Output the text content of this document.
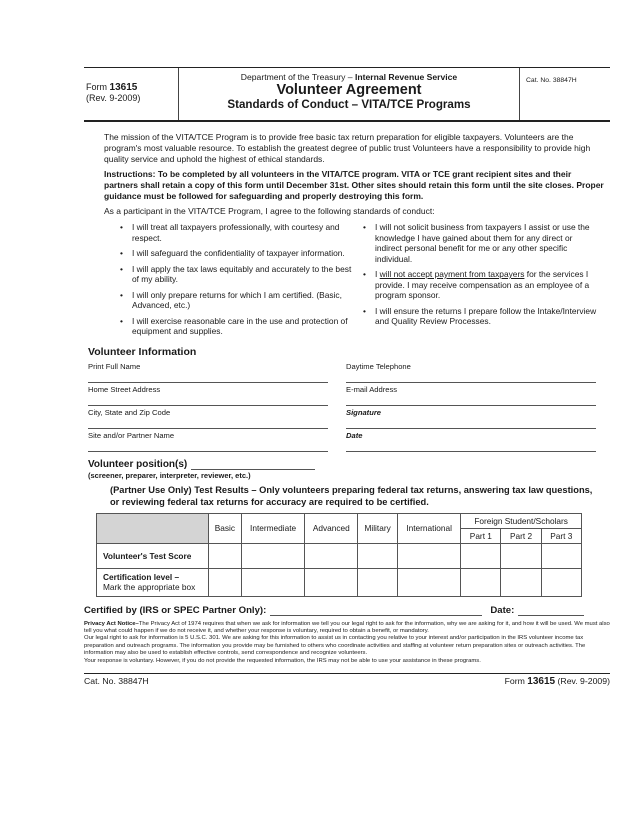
Form 13615
(Rev. 9-2009)
Department of the Treasury – Internal Revenue Service
Volunteer Agreement
Standards of Conduct – VITA/TCE Programs
Cat. No. 38847H
The mission of the VITA/TCE Program is to provide free basic tax return preparation for eligible taxpayers. Volunteers are the program's most valuable resource. To establish the greatest degree of public trust Volunteers have a responsibility to provide high quality service and uphold the highest of ethical standards.
Instructions: To be completed by all volunteers in the VITA/TCE program. VITA or TCE grant recipient sites and their partners shall retain a copy of this form until December 31st. Other sites should retain this form until the site closes. Proper guidance must be followed for safeguarding and properly destroying this form.
As a participant in the VITA/TCE Program, I agree to the following standards of conduct:
•	I will treat all taxpayers professionally, with courtesy and respect.
•	I will safeguard the confidentiality of taxpayer information.
•	I will apply the tax laws equitably and accurately to the best of my ability.
•	I will only prepare returns for which I am certified. (Basic, Advanced, etc.)
•	I will exercise reasonable care in the use and protection of equipment and supplies.
•	I will not solicit business from taxpayers I assist or use the knowledge I have gained about them for any direct or indirect personal benefit for me or any other specific individual.
•	I will not accept payment from taxpayers for the services I provide. I may receive compensation as an employee of a program sponsor.
•	I will ensure the returns I prepare follow the Intake/Interview and Quality Review Processes.
Volunteer Information
Print Full Name	Daytime Telephone
Home Street Address	E-mail Address
City, State and Zip Code	Signature
Site and/or Partner Name	Date
Volunteer position(s)
(screener, preparer, interpreter, reviewer, etc.)
(Partner Use Only) Test Results – Only volunteers preparing federal tax returns, answering tax law questions, or reviewing federal tax returns for accuracy are required to be certified.
	Basic	Intermediate	Advanced	Military	International	Foreign Student/Scholars		
						Part 1	Part 2	Part 3
Volunteer's Test Score								

Certification level –
Mark the appropriate box								

Certified by (IRS or SPEC Partner Only):	Date:
Privacy Act Notice–The Privacy Act of 1974 requires that when we ask for information we tell you our legal right to ask for the information, why we are asking for it, and how it will be used. We must also tell you what could happen if we do not receive it, and whether your response is voluntary, required to obtain a benefit, or mandatory.
Our legal right to ask for information is 5 U.S.C. 301. We are asking for this information to assist us in contacting you relative to your interest and/or participation in the IRS volunteer income tax preparation and outreach programs. The information you provide may be furnished to others who coordinate activities and staffing at volunteer return preparation sites or outreach activities. The information may also be used to establish effective controls, send correspondence and recognize volunteers.
Your response is voluntary. However, if you do not provide the requested information, the IRS may not be able to use your assistance in these programs.
Cat. No. 38847H	Form 13615 (Rev. 9-2009)
